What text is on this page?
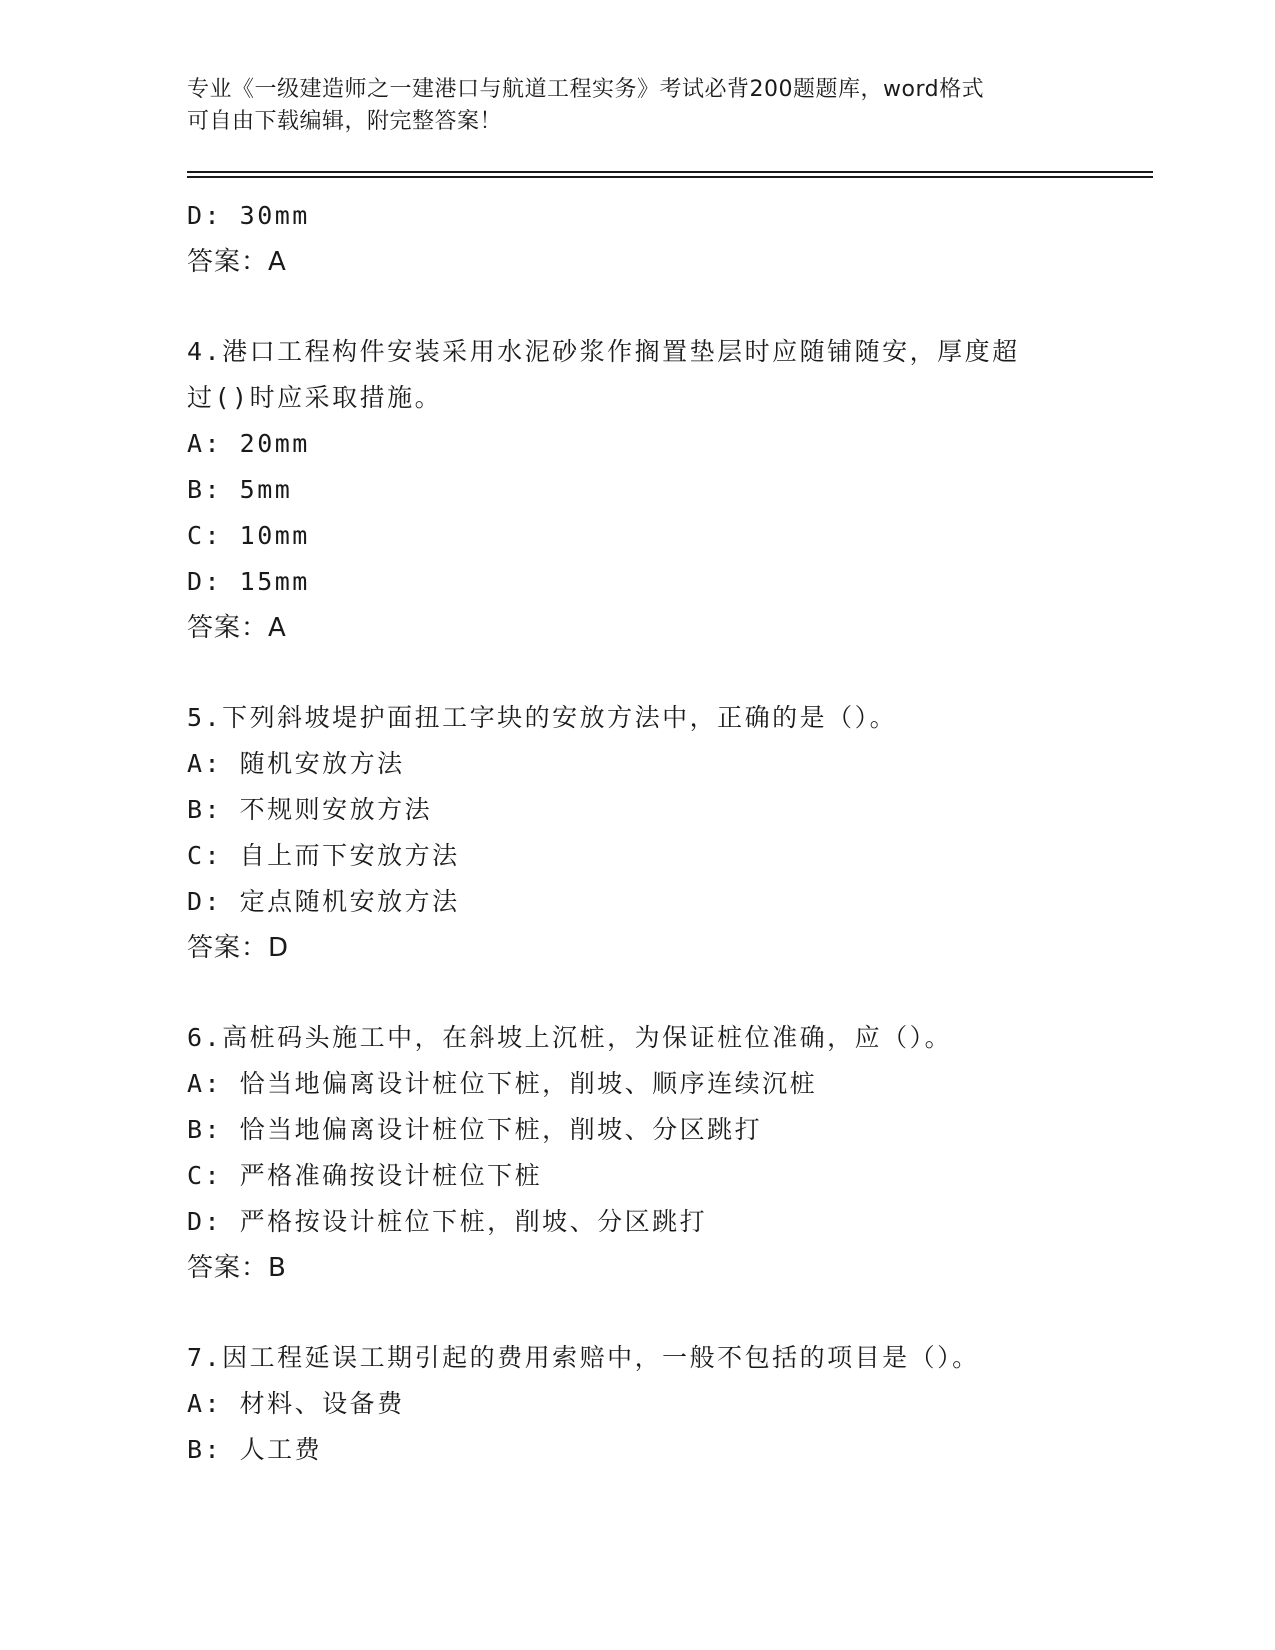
专业《一级建造师之一建港口与航道工程实务》考试必背200题题库，word格式
可自由下载编辑，附完整答案！
D: 30mm
答案：A
4.港口工程构件安装采用水泥砂浆作搁置垫层时应随铺随安，厚度超
过()时应采取措施。
A: 20mm
B: 5mm
C: 10mm
D: 15mm
答案：A
5.下列斜坡堤护面扭工字块的安放方法中，正确的是（）。
A: 随机安放方法
B: 不规则安放方法
C: 自上而下安放方法
D: 定点随机安放方法
答案：D
6.高桩码头施工中，在斜坡上沉桩，为保证桩位准确，应（）。
A: 恰当地偏离设计桩位下桩，削坡、顺序连续沉桩
B: 恰当地偏离设计桩位下桩，削坡、分区跳打
C: 严格准确按设计桩位下桩
D: 严格按设计桩位下桩，削坡、分区跳打
答案：B
7.因工程延误工期引起的费用索赔中，一般不包括的项目是（）。
A: 材料、设备费
B: 人工费
